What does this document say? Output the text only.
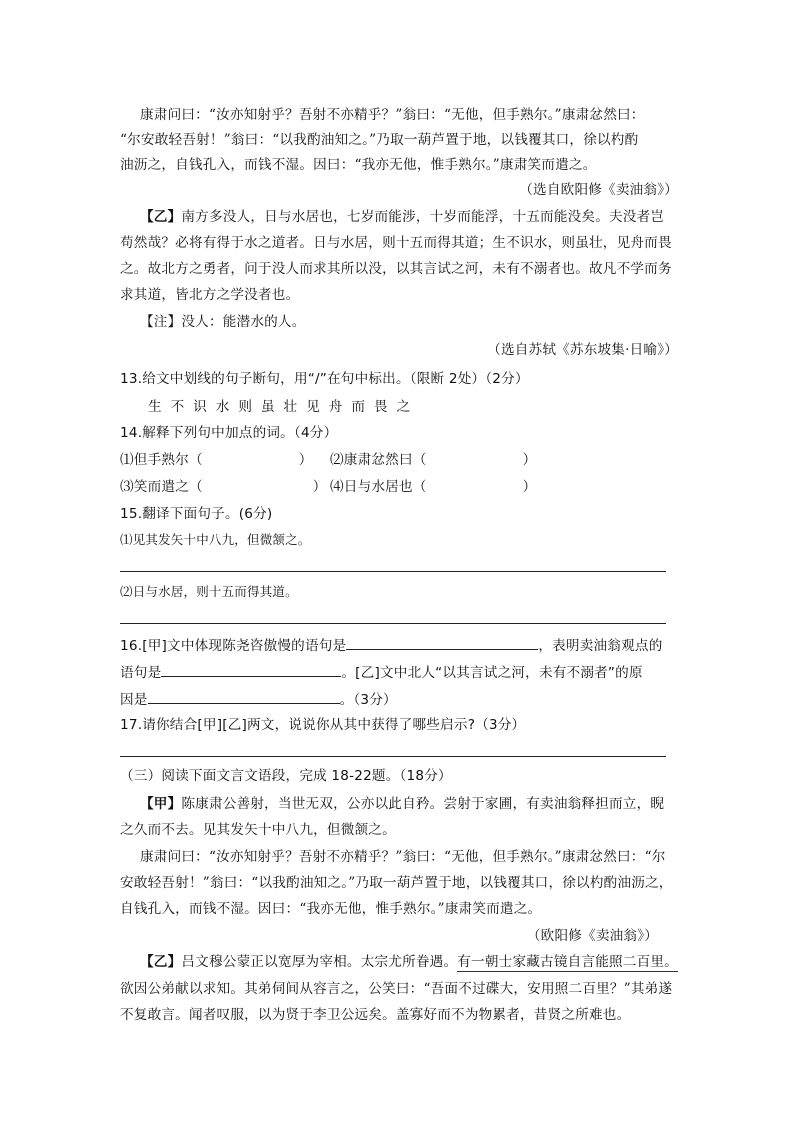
康肃问曰：“汝亦知射乎？吾射不亦精乎？”翁曰：“无他，但手熟尔。”康肃忿然曰：
“尔安敢轻吾射！”翁曰：“以我酌油知之。”乃取一葫芦置于地，以钱覆其口，徐以杓酌
油沥之，自钱孔入，而钱不湿。因曰：“我亦无他，惟手熟尔。”康肃笑而遣之。
（选自欧阳修《卖油翁》）
【乙】南方多没人，日与水居也，七岁而能涉，十岁而能浮，十五而能没矣。夫没者岂
苟然哉？必将有得于水之道者。日与水居，则十五而得其道；生不识水，则虽壮，见舟而畏
之。故北方之勇者，问于没人而求其所以没，以其言试之河，未有不溺者也。故凡不学而务
求其道，皆北方之学没者也。
【注】没人：能潜水的人。
（选自苏轼《苏东坡集·日喻》）
13.给文中划线的句子断句，用“/”在句中标出。（限断 2处）（2分）
生不识水则虽壮见舟而畏之
14.解释下列句中加点的词。（4分）
⑴但手熟尔（	） ⑵康肃忿然曰（	）
⑶笑而遣之（	） ⑷日与水居也（	）
15.翻译下面句子。(6分)
⑴见其发矢十中八九，但微颔之。
⑵日与水居，则十五而得其道。
16.[甲]文中体现陈尧咨傲慢的语句是	，表明卖油翁观点的
语句是	。[乙]文中北人“以其言试之河，未有不溺者”的原
因是	。（3分）
17.请你结合[甲][乙]两文，说说你从其中获得了哪些启示?（3分）
（三）阅读下面文言文语段，完成 18-22题。（18分）
【甲】陈康肃公善射，当世无双，公亦以此自矜。尝射于家圃，有卖油翁释担而立，睨
之久而不去。见其发矢十中八九，但微颔之。
康肃问曰：“汝亦知射乎？吾射不亦精乎？”翁曰：“无他，但手熟尔。”康肃忿然曰：“尔
安敢轻吾射！”翁曰：“以我酌油知之。”乃取一葫芦置于地，以钱覆其口，徐以杓酌油沥之，
自钱孔入，而钱不湿。因曰：“我亦无他，惟手熟尔。”康肃笑而遣之。
（欧阳修《卖油翁》）
【乙】吕文穆公蒙正以宽厚为宰相。太宗尤所眷遇。有一朝士家藏古镜自言能照二百里。
欲因公弟献以求知。其弟伺间从容言之，公笑曰：“吾面不过碟大，安用照二百里？”其弟遂
不复敢言。闻者叹服，以为贤于李卫公远矣。盖寡好而不为物累者，昔贤之所难也。
